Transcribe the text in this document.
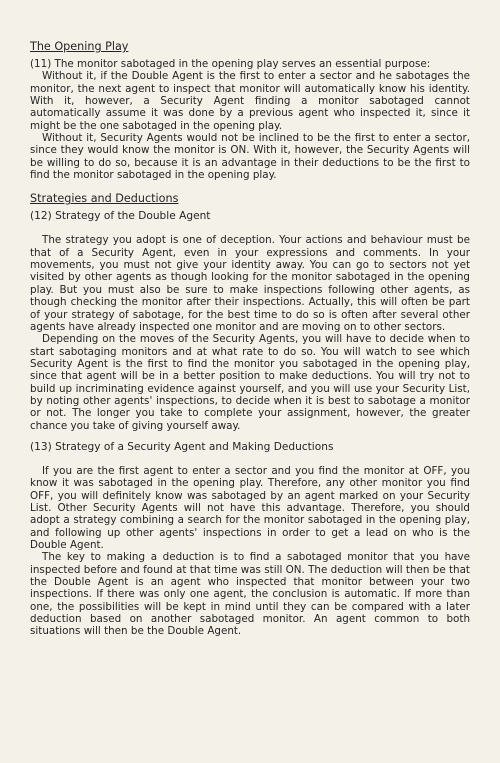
The Opening Play

(11) The monitor sabotaged in the opening play serves an essential purpose:

Without it, if the Double Agent is the first to enter a sector and he sabotages the monitor, the next agent to inspect that monitor will automatically know his identity. With it, however, a Security Agent finding a monitor sabotaged cannot automatically assume it was done by a previous agent who inspected it, since it might be the one sabotaged in the opening play.

Without it, Security Agents would not be inclined to be the first to enter a sector, since they would know the monitor is ON. With it, however, the Security Agents will be willing to do so, because it is an advantage in their deductions to be the first to find the monitor sabotaged in the opening play.

Strategies and Deductions
(12) Strategy of the Double Agent

The strategy you adopt is one of deception. Your actions and behaviour must be that of a Security Agent, even in your expressions and comments. In your movements, you must not give your identity away. You can go to sectors not yet visited by other agents as though looking for the monitor sabotaged in the opening play. But you must also be sure to make inspections following other agents, as though checking the monitor after their inspections. Actually, this will often be part of your strategy of sabotage, for the best time to do so is often after several other agents have already inspected one monitor and are moving on to other sectors.

Depending on the moves of the Security Agents, you will have to decide when to start sabotaging monitors and at what rate to do so. You will watch to see which Security Agent is the first to find the monitor you sabotaged in the opening play, since that agent will be in a better position to make deductions. You will try not to build up incriminating evidence against yourself, and you will use your Security List, by noting other agents' inspections, to decide when it is best to sabotage a monitor or not. The longer you take to complete your assignment, however, the greater chance you take of giving yourself away.

(13) Strategy of a Security Agent and Making Deductions

If you are the first agent to enter a sector and you find the monitor at OFF, you know it was sabotaged in the opening play. Therefore, any other monitor you find OFF, you will definitely know was sabotaged by an agent marked on your Security List. Other Security Agents will not have this advantage. Therefore, you should adopt a strategy combining a search for the monitor sabotaged in the opening play, and following up other agents' inspections in order to get a lead on who is the Double Agent.

The key to making a deduction is to find a sabotaged monitor that you have inspected before and found at that time was still ON. The deduction will then be that the Double Agent is an agent who inspected that monitor between your two inspections. If there was only one agent, the conclusion is automatic. If more than one, the possibilities will be kept in mind until they can be compared with a later deduction based on another sabotaged monitor. An agent common to both situations will then be the Double Agent.
